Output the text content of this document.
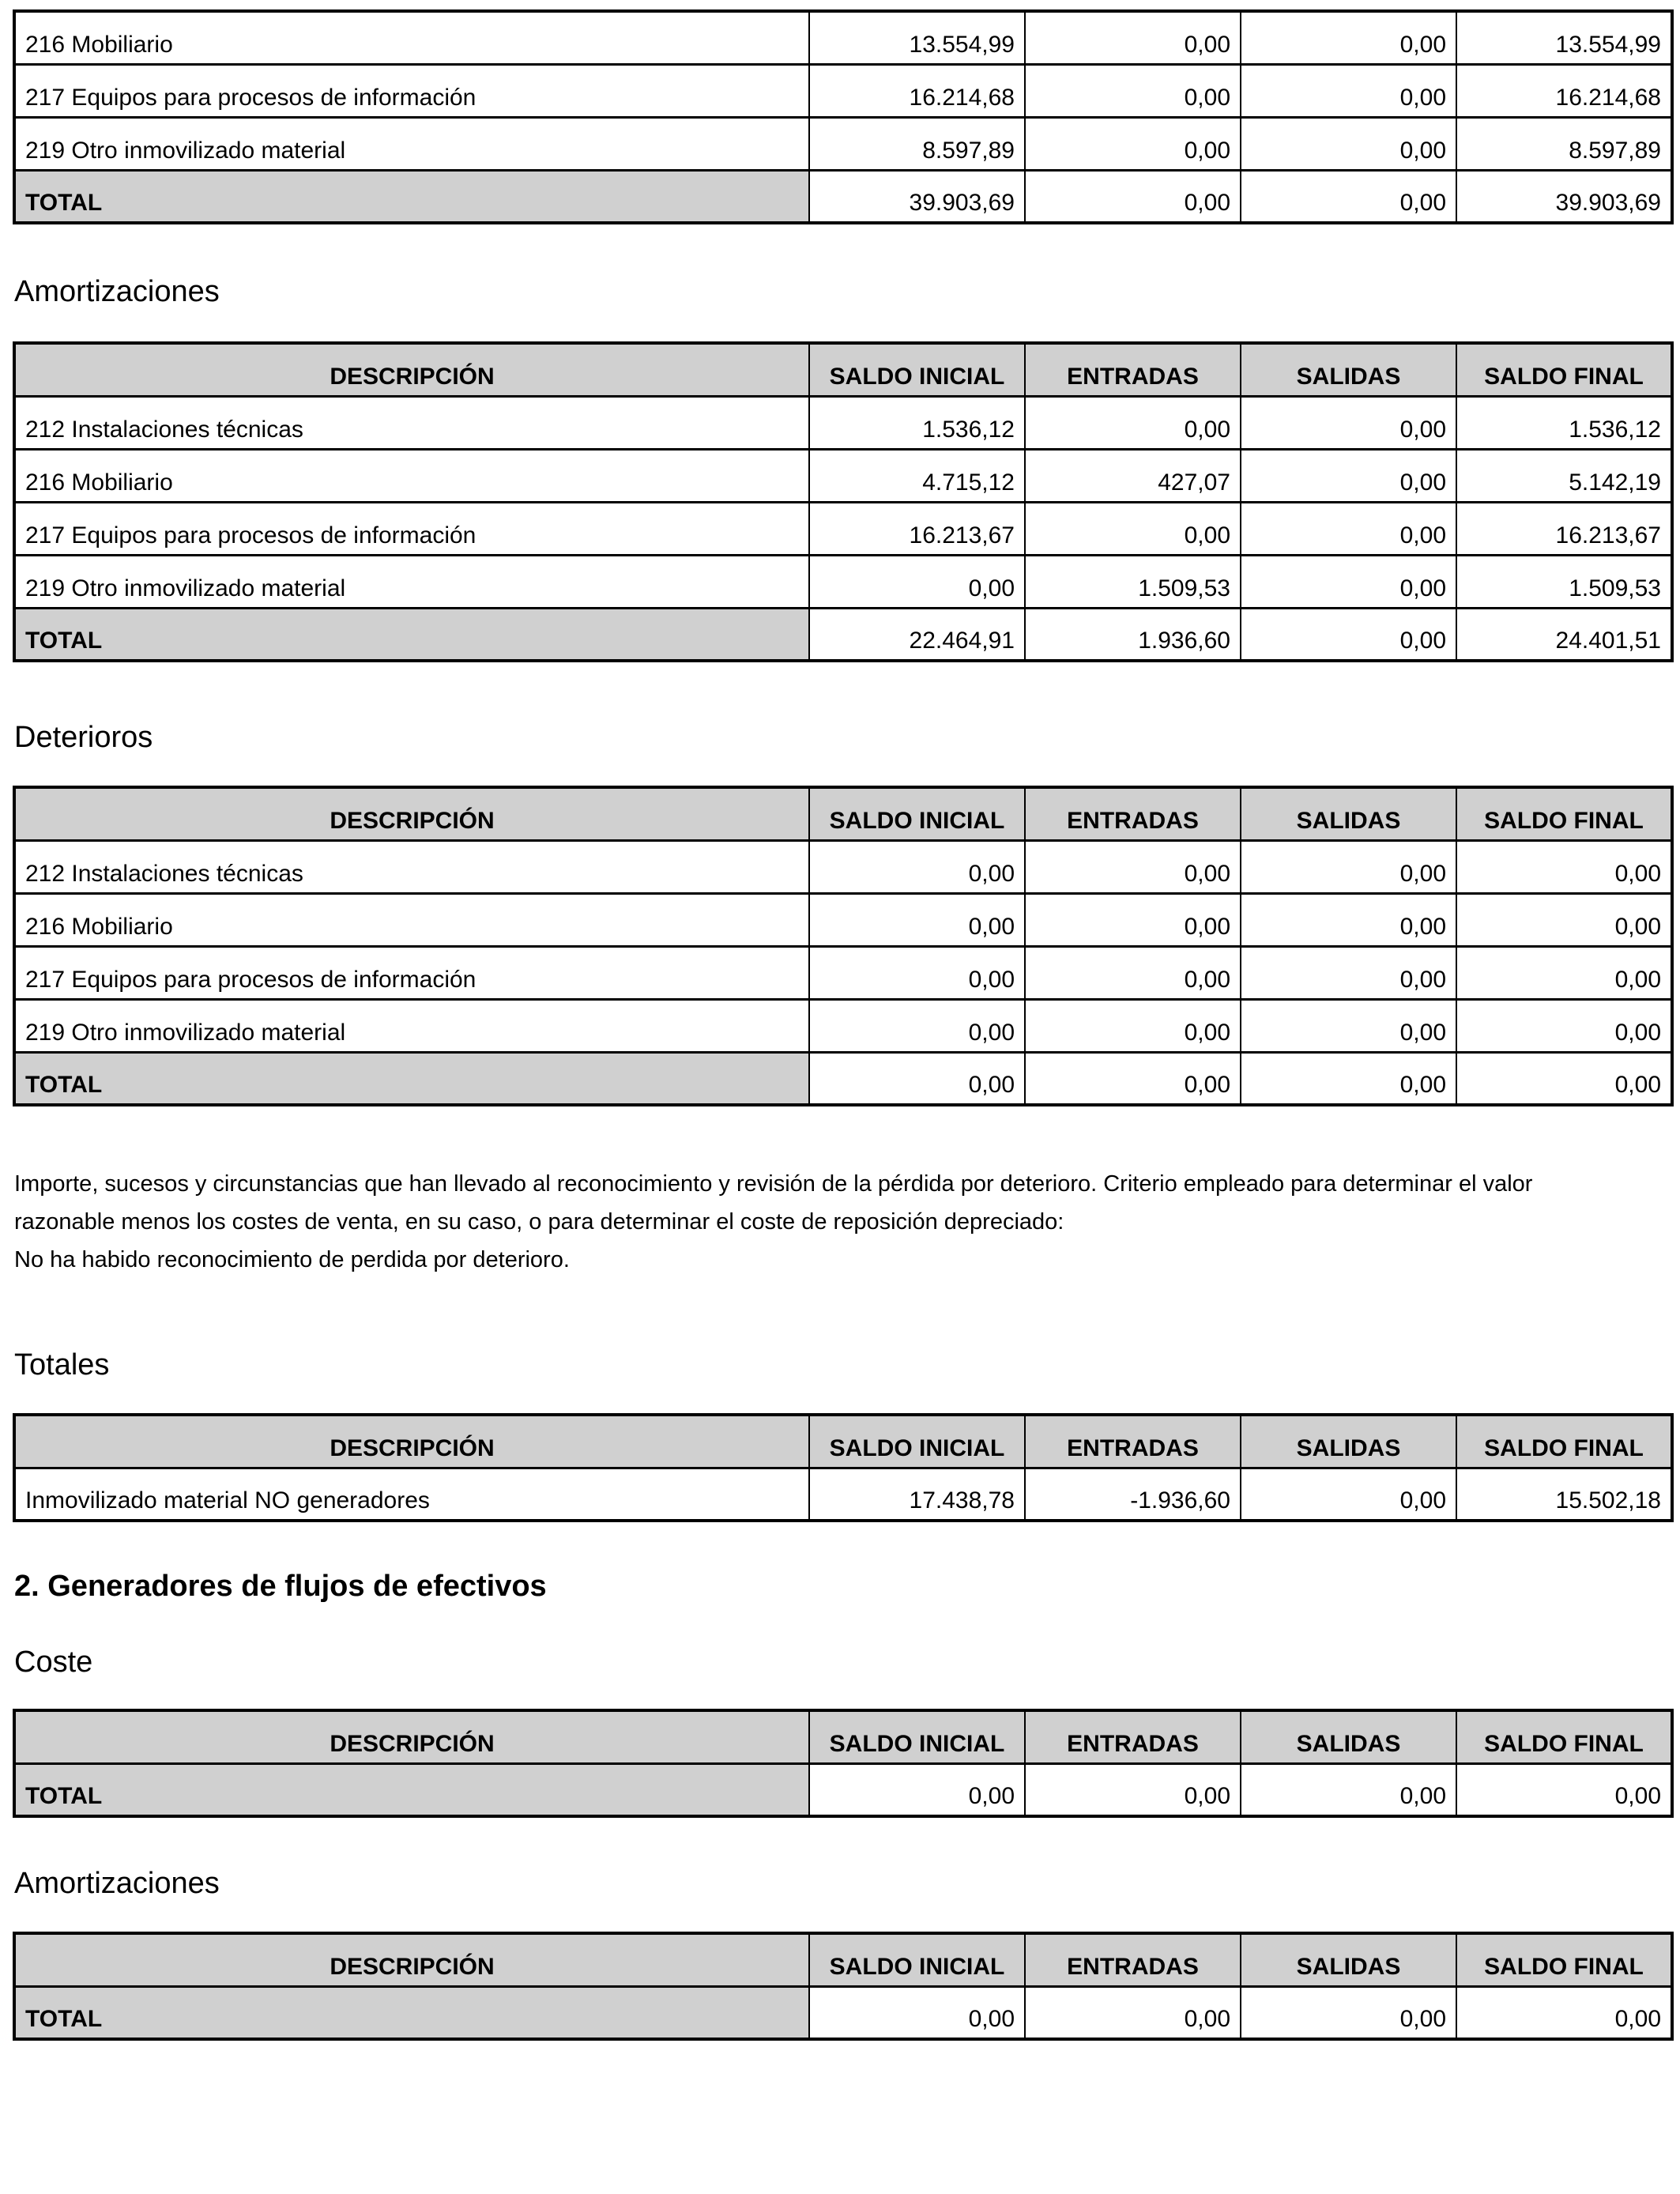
216 Mobiliario	13.554,99	0,00	0,00	13.554,99
217 Equipos para procesos de información	16.214,68	0,00	0,00	16.214,68
219 Otro inmovilizado material	8.597,89	0,00	0,00	8.597,89
TOTAL	39.903,69	0,00	0,00	39.903,69
Amortizaciones
DESCRIPCIÓN	SALDO INICIAL	ENTRADAS	SALIDAS	SALDO FINAL
212 Instalaciones técnicas	1.536,12	0,00	0,00	1.536,12
216 Mobiliario	4.715,12	427,07	0,00	5.142,19
217 Equipos para procesos de información	16.213,67	0,00	0,00	16.213,67
219 Otro inmovilizado material	0,00	1.509,53	0,00	1.509,53
TOTAL	22.464,91	1.936,60	0,00	24.401,51
Deterioros
DESCRIPCIÓN	SALDO INICIAL	ENTRADAS	SALIDAS	SALDO FINAL
212 Instalaciones técnicas	0,00	0,00	0,00	0,00
216 Mobiliario	0,00	0,00	0,00	0,00
217 Equipos para procesos de información	0,00	0,00	0,00	0,00
219 Otro inmovilizado material	0,00	0,00	0,00	0,00
TOTAL	0,00	0,00	0,00	0,00
Importe, sucesos y circunstancias que han llevado al reconocimiento y revisión de la pérdida por deterioro. Criterio empleado para determinar el valor
razonable menos los costes de venta, en su caso, o para determinar el coste de reposición depreciado:
No ha habido reconocimiento de perdida por deterioro.
Totales
DESCRIPCIÓN	SALDO INICIAL	ENTRADAS	SALIDAS	SALDO FINAL
Inmovilizado material NO generadores	17.438,78	-1.936,60	0,00	15.502,18
2. Generadores de flujos de efectivos
Coste
DESCRIPCIÓN	SALDO INICIAL	ENTRADAS	SALIDAS	SALDO FINAL
TOTAL	0,00	0,00	0,00	0,00
Amortizaciones
DESCRIPCIÓN	SALDO INICIAL	ENTRADAS	SALIDAS	SALDO FINAL
TOTAL	0,00	0,00	0,00	0,00
